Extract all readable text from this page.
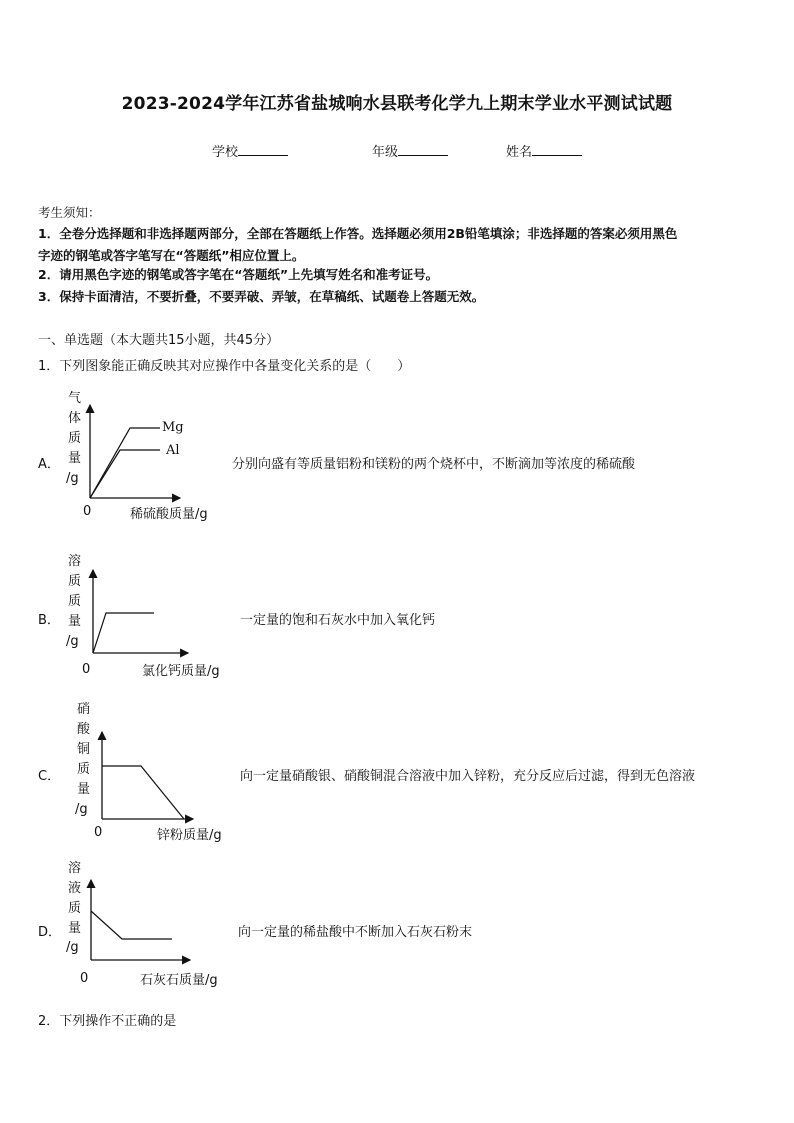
2023-2024学年江苏省盐城响水县联考化学九上期末学业水平测试试题
学校	年级	姓名
考生须知：
1．全卷分选择题和非选择题两部分，全部在答题纸上作答。选择题必须用2B铅笔填涂；非选择题的答案必须用黑色
字迹的钢笔或答字笔写在“答题纸”相应位置上。
2．请用黑色字迹的钢笔或答字笔在“答题纸”上先填写姓名和准考证号。
3．保持卡面清洁，不要折叠，不要弄破、弄皱，在草稿纸、试题卷上答题无效。
一、单选题（本大题共15小题，共45分）
1．下列图象能正确反映其对应操作中各量变化关系的是（　　）
A．
气
体
质
量
/g
Mg
Al
0	稀硫酸质量/g
分别向盛有等质量铝粉和镁粉的两个烧杯中，不断滴加等浓度的稀硫酸
B．
溶
质
质
量
/g
0	氯化钙质量/g
一定量的饱和石灰水中加入氧化钙
C．
硝
酸
铜
质
量
/g
0	锌粉质量/g
向一定量硝酸银、硝酸铜混合溶液中加入锌粉，充分反应后过滤，得到无色溶液
D．
溶
液
质
量
/g
0	石灰石质量/g
向一定量的稀盐酸中不断加入石灰石粉末
2．下列操作不正确的是
